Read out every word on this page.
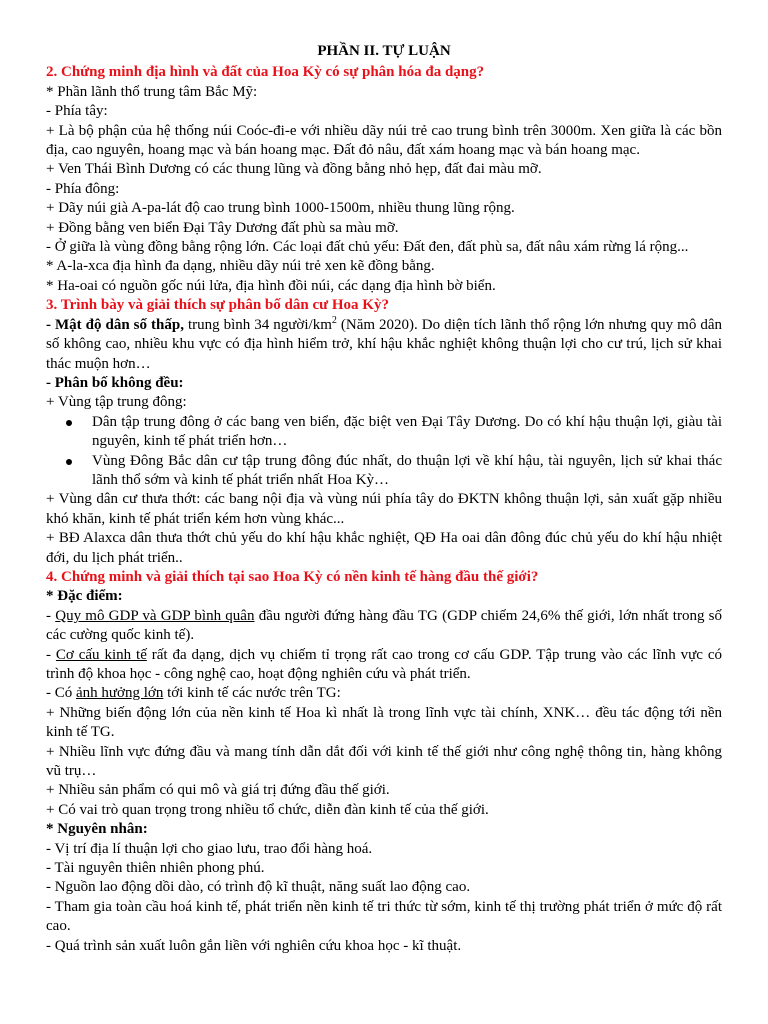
PHẦN II. TỰ LUẬN

2. Chứng minh địa hình và đất của Hoa Kỳ có sự phân hóa đa dạng?

* Phần lãnh thổ trung tâm Bắc Mỹ:

- Phía tây:

+ Là bộ phận của hệ thống núi Coóc-đi-e với nhiều dãy núi trẻ cao trung bình trên 3000m. Xen giữa là các bồn địa, cao nguyên, hoang mạc và bán hoang mạc. Đất đỏ nâu, đất xám hoang mạc và bán hoang mạc.

+ Ven Thái Bình Dương có các thung lũng và đồng bằng nhỏ hẹp, đất đai màu mỡ.

- Phía đông:

+ Dãy núi già A-pa-lát độ cao trung bình 1000-1500m, nhiều thung lũng rộng.

+ Đồng bằng ven biển Đại Tây Dương đất phù sa màu mỡ.

- Ở giữa là vùng đồng bằng rộng lớn. Các loại đất chủ yếu: Đất đen, đất phù sa, đất nâu xám rừng lá rộng...

* A-la-xca địa hình đa dạng, nhiều dãy núi trẻ xen kẽ đồng bằng.

* Ha-oai có nguồn gốc núi lửa, địa hình đồi núi, các dạng địa hình bờ biển.

3. Trình bày và giải thích sự phân bố dân cư Hoa Kỳ?

- Mật độ dân số thấp, trung bình 34 người/$km^2$ (Năm 2020). Do diện tích lãnh thổ rộng lớn nhưng quy mô dân số không cao, nhiều khu vực có địa hình hiểm trở, khí hậu khắc nghiệt không thuận lợi cho cư trú, lịch sử khai thác muộn hơn…

- Phân bố không đều:

+ Vùng tập trung đông:

Dân tập trung đông ở các bang ven biển, đặc biệt ven Đại Tây Dương. Do có khí hậu thuận lợi, giàu tài nguyên, kinh tế phát triển hơn…
Vùng Đông Bắc dân cư tập trung đông đúc nhất, do thuận lợi về khí hậu, tài nguyên, lịch sử khai thác lãnh thổ sớm và kinh tế phát triển nhất Hoa Kỳ…

+ Vùng dân cư thưa thớt: các bang nội địa và vùng núi phía tây do ĐKTN không thuận lợi, sản xuất gặp nhiều khó khăn, kinh tế phát triển kém hơn vùng khác...

+ BĐ Alaxca dân thưa thớt chủ yếu do khí hậu khắc nghiệt, QĐ Ha oai dân đông đúc chủ yếu do khí hậu nhiệt đới, du lịch phát triển..

4. Chứng minh và giải thích tại sao Hoa Kỳ có nền kinh tế hàng đầu thế giới?

* Đặc điểm:

- Quy mô GDP và GDP bình quân đầu người đứng hàng đầu TG (GDP chiếm 24,6% thế giới, lớn nhất trong số các cường quốc kinh tế).

- Cơ cấu kinh tế rất đa dạng, dịch vụ chiếm tỉ trọng rất cao trong cơ cấu GDP. Tập trung vào các lĩnh vực có trình độ khoa học - công nghệ cao, hoạt động nghiên cứu và phát triển.

- Có ảnh hưởng lớn tới kinh tế các nước trên TG:

+ Những biến động lớn của nền kinh tế Hoa kì nhất là trong lĩnh vực tài chính, XNK… đều tác động tới nền kinh tế TG.

+ Nhiều lĩnh vực đứng đầu và mang tính dẫn dắt đối với kinh tế thế giới như công nghệ thông tin, hàng không vũ trụ…

+ Nhiều sản phẩm có qui mô và giá trị đứng đầu thế giới.

+ Có vai trò quan trọng trong nhiều tổ chức, diễn đàn kinh tế của thế giới.

* Nguyên nhân:

- Vị trí địa lí thuận lợi cho giao lưu, trao đổi hàng hoá.

- Tài nguyên thiên nhiên phong phú.

- Nguồn lao động dồi dào, có trình độ kĩ thuật, năng suất lao động cao.

- Tham gia toàn cầu hoá kinh tế, phát triển nền kinh tế tri thức từ sớm, kinh tế thị trường phát triển ở mức độ rất cao.

- Quá trình sản xuất luôn gắn liền với nghiên cứu khoa học - kĩ thuật.
